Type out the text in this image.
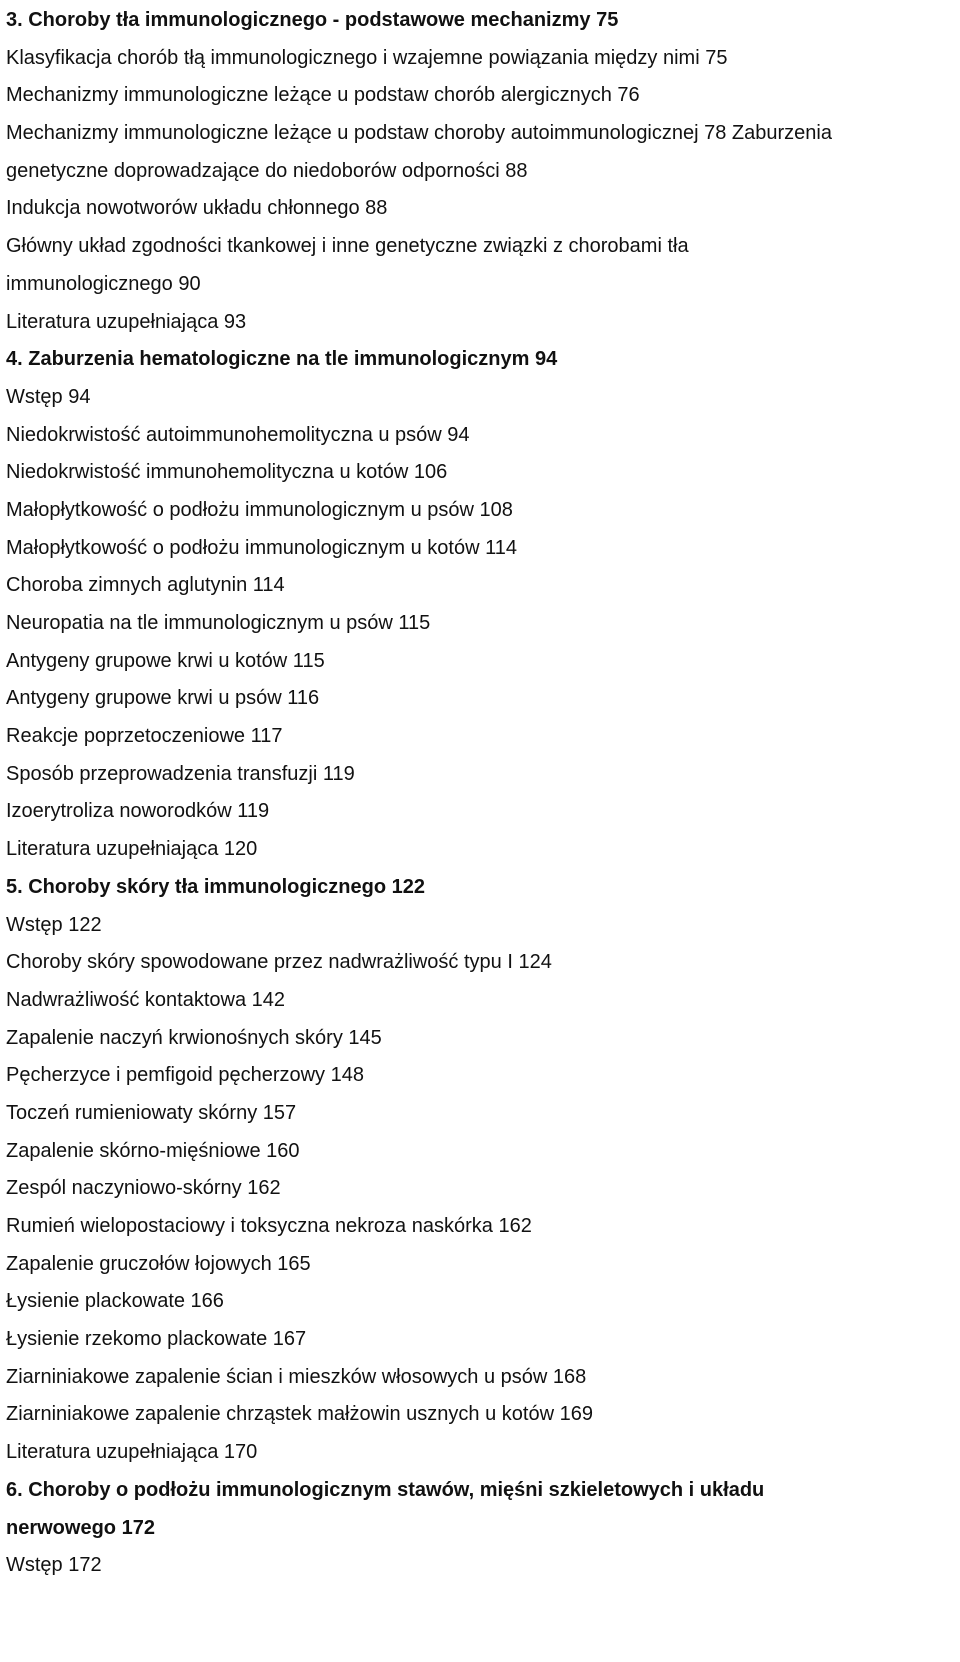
3. Choroby tła immunologicznego - podstawowe mechanizmy 75
Klasyfikacja chorób tłą immunologicznego i wzajemne powiązania między nimi 75
Mechanizmy immunologiczne leżące u podstaw chorób alergicznych 76
Mechanizmy immunologiczne leżące u podstaw choroby autoimmunologicznej 78 Zaburzenia
genetyczne doprowadzające do niedoborów odporności 88
Indukcja nowotworów układu chłonnego 88
Główny układ zgodności tkankowej i inne genetyczne związki z chorobami tła
immunologicznego 90
Literatura uzupełniająca 93
4. Zaburzenia hematologiczne na tle immunologicznym 94
Wstęp 94
Niedokrwistość autoimmunohemolityczna u psów 94
Niedokrwistość immunohemolityczna u kotów 106
Małopłytkowość o podłożu immunologicznym u psów 108
Małopłytkowość o podłożu immunologicznym u kotów 114
Choroba zimnych aglutynin 114
Neuropatia na tle immunologicznym u psów 115
Antygeny grupowe krwi u kotów 115
Antygeny grupowe krwi u psów 116
Reakcje poprzetoczeniowe 117
Sposób przeprowadzenia transfuzji 119
Izoerytroliza noworodków 119
Literatura uzupełniająca 120
5. Choroby skóry tła immunologicznego 122
Wstęp 122
Choroby skóry spowodowane przez nadwrażliwość typu I 124
Nadwrażliwość kontaktowa 142
Zapalenie naczyń krwionośnych skóry 145
Pęcherzyce i pemfigoid pęcherzowy 148
Toczeń rumieniowaty skórny 157
Zapalenie skórno-mięśniowe 160
Zespól naczyniowo-skórny 162
Rumień wielopostaciowy i toksyczna nekroza naskórka 162
Zapalenie gruczołów łojowych 165
Łysienie plackowate 166
Łysienie rzekomo plackowate 167
Ziarniniakowe zapalenie ścian i mieszków włosowych u psów 168
Ziarniniakowe zapalenie chrząstek małżowin usznych u kotów 169
Literatura uzupełniająca 170
6. Choroby o podłożu immunologicznym stawów, mięśni szkieletowych i układu
nerwowego 172
Wstęp 172
